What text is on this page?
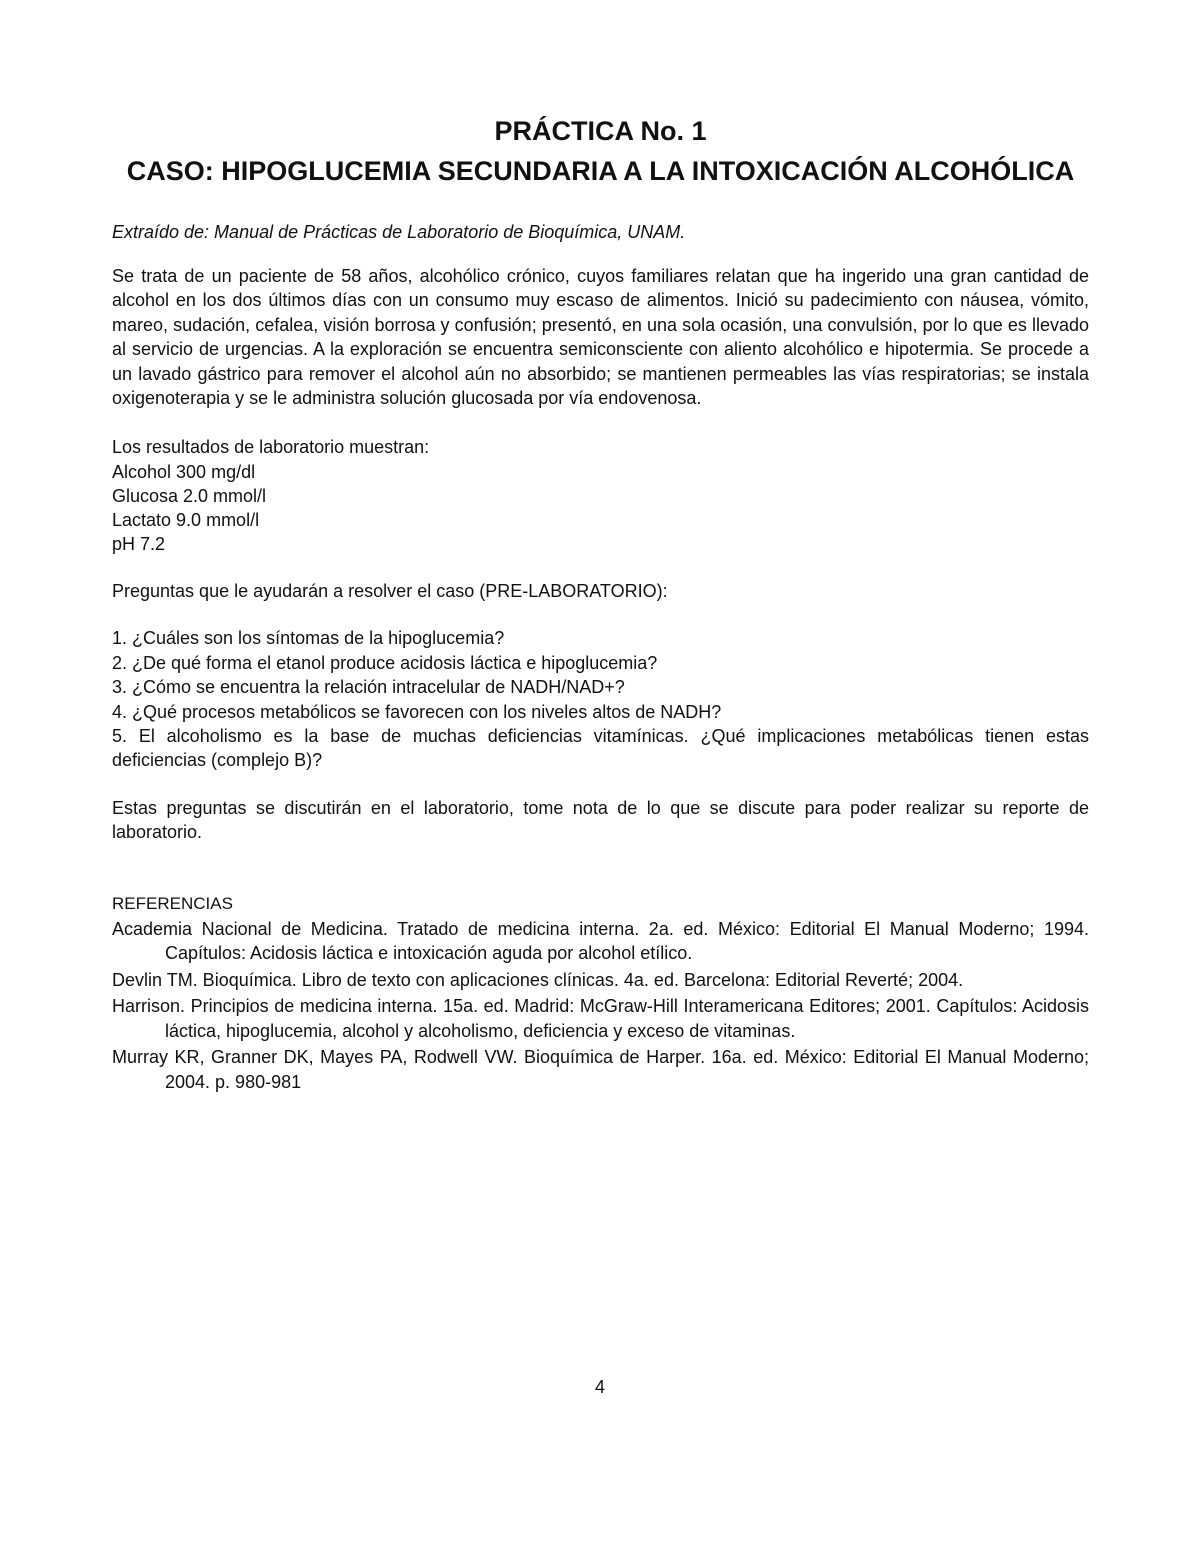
PRÁCTICA No. 1
CASO: HIPOGLUCEMIA SECUNDARIA A LA INTOXICACIÓN ALCOHÓLICA
Extraído de: Manual de Prácticas de Laboratorio de Bioquímica, UNAM.
Se trata de un paciente de 58 años, alcohólico crónico, cuyos familiares relatan que ha ingerido una gran cantidad de alcohol en los dos últimos días con un consumo muy escaso de alimentos. Inició su padecimiento con náusea, vómito, mareo, sudación, cefalea, visión borrosa y confusión; presentó, en una sola ocasión, una convulsión, por lo que es llevado al servicio de urgencias. A la exploración se encuentra semiconsciente con aliento alcohólico e hipotermia. Se procede a un lavado gástrico para remover el alcohol aún no absorbido; se mantienen permeables las vías respiratorias; se instala oxigenoterapia y se le administra solución glucosada por vía endovenosa.
Los resultados de laboratorio muestran:
Alcohol 300 mg/dl
Glucosa 2.0 mmol/l
Lactato 9.0 mmol/l
pH 7.2
Preguntas que le ayudarán a resolver el caso (PRE-LABORATORIO):
1. ¿Cuáles son los síntomas de la hipoglucemia?
2. ¿De qué forma el etanol produce acidosis láctica e hipoglucemia?
3. ¿Cómo se encuentra la relación intracelular de NADH/NAD+?
4. ¿Qué procesos metabólicos se favorecen con los niveles altos de NADH?
5. El alcoholismo es la base de muchas deficiencias vitamínicas. ¿Qué implicaciones metabólicas tienen estas deficiencias (complejo B)?
Estas preguntas se discutirán en el laboratorio, tome nota de lo que se discute para poder realizar su reporte de laboratorio.
REFERENCIAS
Academia Nacional de Medicina. Tratado de medicina interna. 2a. ed. México: Editorial El Manual Moderno; 1994. Capítulos: Acidosis láctica e intoxicación aguda por alcohol etílico.
Devlin TM. Bioquímica. Libro de texto con aplicaciones clínicas. 4a. ed. Barcelona: Editorial Reverté; 2004.
Harrison. Principios de medicina interna. 15a. ed. Madrid: McGraw-Hill Interamericana Editores; 2001. Capítulos: Acidosis láctica, hipoglucemia, alcohol y alcoholismo, deficiencia y exceso de vitaminas.
Murray KR, Granner DK, Mayes PA, Rodwell VW. Bioquímica de Harper. 16a. ed. México: Editorial El Manual Moderno; 2004. p. 980-981
4
